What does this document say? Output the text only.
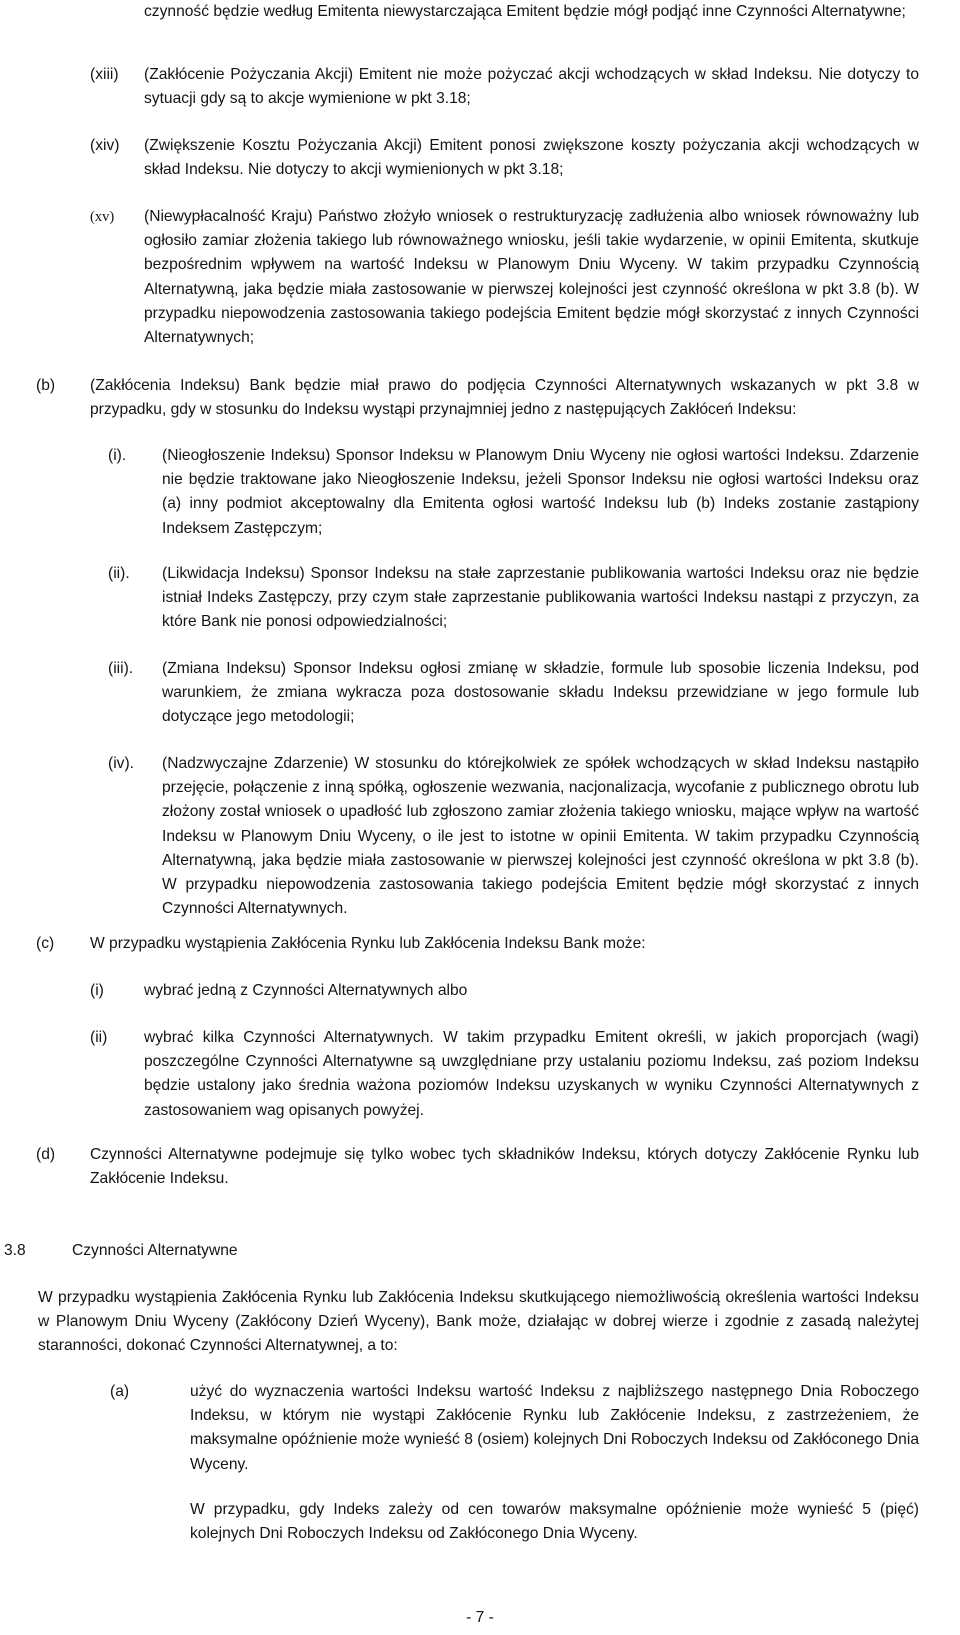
czynność będzie według Emitenta niewystarczająca Emitent będzie mógł podjąć inne Czynności Alternatywne;

(xiii) (Zakłócenie Pożyczania Akcji) Emitent nie może pożyczać akcji wchodzących w skład Indeksu. Nie dotyczy to sytuacji gdy są to akcje wymienione w pkt 3.18;

(xiv) (Zwiększenie Kosztu Pożyczania Akcji) Emitent ponosi zwiększone koszty pożyczania akcji wchodzących w skład Indeksu. Nie dotyczy to akcji wymienionych w pkt 3.18;

(xv) (Niewypłacalność Kraju) Państwo złożyło wniosek o restrukturyzację zadłużenia albo wniosek równoważny lub ogłosiło zamiar złożenia takiego lub równoważnego wniosku, jeśli takie wydarzenie, w opinii Emitenta, skutkuje bezpośrednim wpływem na wartość Indeksu w Planowym Dniu Wyceny. W takim przypadku Czynnością Alternatywną, jaka będzie miała zastosowanie w pierwszej kolejności jest czynność określona w pkt 3.8 (b). W przypadku niepowodzenia zastosowania takiego podejścia Emitent będzie mógł skorzystać z innych Czynności Alternatywnych;

(b) (Zakłócenia Indeksu) Bank będzie miał prawo do podjęcia Czynności Alternatywnych wskazanych w pkt 3.8 w przypadku, gdy w stosunku do Indeksu wystąpi przynajmniej jedno z następujących Zakłóceń Indeksu:

(i). (Nieogłoszenie Indeksu) Sponsor Indeksu w Planowym Dniu Wyceny nie ogłosi wartości Indeksu. Zdarzenie nie będzie traktowane jako Nieogłoszenie Indeksu, jeżeli Sponsor Indeksu nie ogłosi wartości Indeksu oraz (a) inny podmiot akceptowalny dla Emitenta ogłosi wartość Indeksu lub (b) Indeks zostanie zastąpiony Indeksem Zastępczym;

(ii). (Likwidacja Indeksu) Sponsor Indeksu na stałe zaprzestanie publikowania wartości Indeksu oraz nie będzie istniał Indeks Zastępczy, przy czym stałe zaprzestanie publikowania wartości Indeksu nastąpi z przyczyn, za które Bank nie ponosi odpowiedzialności;

(iii). (Zmiana Indeksu) Sponsor Indeksu ogłosi zmianę w składzie, formule lub sposobie liczenia Indeksu, pod warunkiem, że zmiana wykracza poza dostosowanie składu Indeksu przewidziane w jego formule lub dotyczące jego metodologii;

(iv). (Nadzwyczajne Zdarzenie) W stosunku do którejkolwiek ze spółek wchodzących w skład Indeksu nastąpiło przejęcie, połączenie z inną spółką, ogłoszenie wezwania, nacjonalizacja, wycofanie z publicznego obrotu lub złożony został wniosek o upadłość lub zgłoszono zamiar złożenia takiego wniosku, mające wpływ na wartość Indeksu w Planowym Dniu Wyceny, o ile jest to istotne w opinii Emitenta. W takim przypadku Czynnością Alternatywną, jaka będzie miała zastosowanie w pierwszej kolejności jest czynność określona w pkt 3.8 (b). W przypadku niepowodzenia zastosowania takiego podejścia Emitent będzie mógł skorzystać z innych Czynności Alternatywnych.

(c) W przypadku wystąpienia Zakłócenia Rynku lub Zakłócenia Indeksu Bank może:

(i)	wybrać jedną z Czynności Alternatywnych albo

(ii) wybrać kilka Czynności Alternatywnych. W takim przypadku Emitent określi, w jakich proporcjach (wagi) poszczególne Czynności Alternatywne są uwzględniane przy ustalaniu poziomu Indeksu, zaś poziom Indeksu będzie ustalony jako średnia ważona poziomów Indeksu uzyskanych w wyniku Czynności Alternatywnych z zastosowaniem wag opisanych powyżej.

(d) Czynności Alternatywne podejmuje się tylko wobec tych składników Indeksu, których dotyczy Zakłócenie Rynku lub Zakłócenie Indeksu.

3.8	Czynności Alternatywne

W przypadku wystąpienia Zakłócenia Rynku lub Zakłócenia Indeksu skutkującego niemożliwością określenia wartości Indeksu w Planowym Dniu Wyceny (Zakłócony Dzień Wyceny), Bank może, działając w dobrej wierze i zgodnie z zasadą należytej staranności, dokonać Czynności Alternatywnej, a to:

(a)	użyć do wyznaczenia wartości Indeksu wartość Indeksu z najbliższego następnego Dnia Roboczego Indeksu, w którym nie wystąpi Zakłócenie Rynku lub Zakłócenie Indeksu, z zastrzeżeniem, że maksymalne opóźnienie może wynieść 8 (osiem) kolejnych Dni Roboczych Indeksu od Zakłóconego Dnia Wyceny.

W przypadku, gdy Indeks zależy od cen towarów maksymalne opóźnienie może wynieść 5 (pięć) kolejnych Dni Roboczych Indeksu od Zakłóconego Dnia Wyceny.

- 7 -
